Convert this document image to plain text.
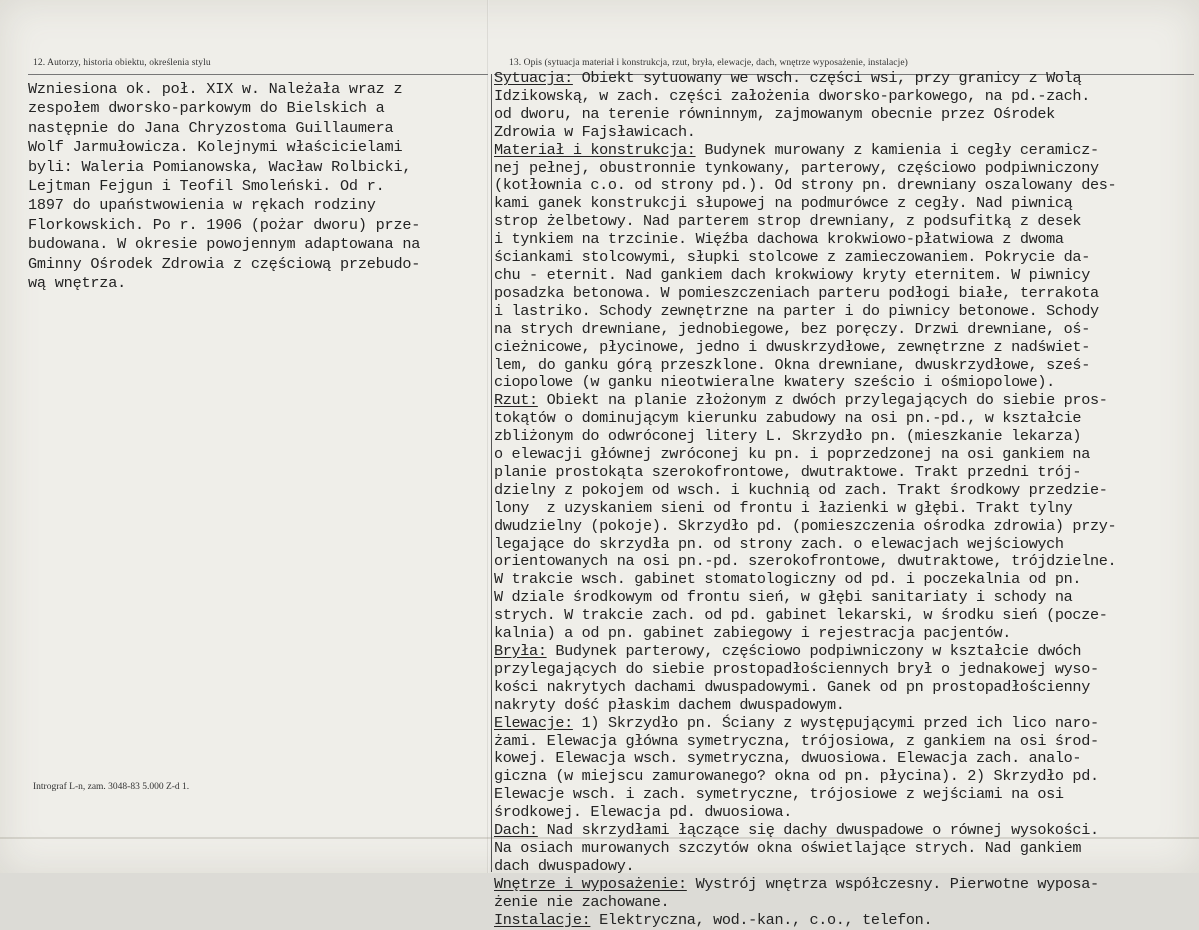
12. Autorzy, historia obiektu, określenia stylu	13. Opis (sytuacja materiał i konstrukcja, rzut, bryła, elewacje, dach, wnętrze wyposażenie, instalacje)
Wzniesiona ok. poł. XIX w. Należała wraz z
zespołem dworsko-parkowym do Bielskich a
następnie do Jana Chryzostoma Guillaumera
Wolf Jarmułowicza. Kolejnymi właścicielami
byli: Waleria Pomianowska, Wacław Rolbicki,
Lejtman Fejgun i Teofil Smoleński. Od r.
1897 do upaństwowienia w rękach rodziny
Florkowskich. Po r. 1906 (pożar dworu) prze-
budowana. W okresie powojennym adaptowana na
Gminny Ośrodek Zdrowia z częściową przebudo-
wą wnętrza.
Sytuacja: Obiekt sytuowany we wsch. części wsi, przy granicy z Wolą
Idzikowską, w zach. części założenia dworsko-parkowego, na pd.-zach.
od dworu, na terenie równinnym, zajmowanym obecnie przez Ośrodek
Zdrowia w Fajsławicach.
Materiał i konstrukcja: Budynek murowany z kamienia i cegły ceramicz-
nej pełnej, obustronnie tynkowany, parterowy, częściowo podpiwniczony
(kotłownia c.o. od strony pd.). Od strony pn. drewniany oszalowany des-
kami ganek konstrukcji słupowej na podmurówce z cegły. Nad piwnicą
strop żelbetowy. Nad parterem strop drewniany, z podsufitką z desek
i tynkiem na trzcinie. Więźba dachowa krokwiowo-płatwiowa z dwoma
ściankami stolcowymi, słupki stolcowe z zamieczowaniem. Pokrycie da-
chu - eternit. Nad gankiem dach krokwiowy kryty eternitem. W piwnicy
posadzka betonowa. W pomieszczeniach parteru podłogi białe, terrakota
i lastriko. Schody zewnętrzne na parter i do piwnicy betonowe. Schody
na strych drewniane, jednobiegowe, bez poręczy. Drzwi drewniane, oś-
cieżnicowe, płycinowe, jedno i dwuskrzydłowe, zewnętrzne z nadświet-
lem, do ganku górą przeszklone. Okna drewniane, dwuskrzydłowe, sześ-
ciopolowe (w ganku nieotwieralne kwatery sześcio i ośmiopolowe).
Rzut: Obiekt na planie złożonym z dwóch przylegających do siebie pros-
tokątów o dominującym kierunku zabudowy na osi pn.-pd., w kształcie
zbliżonym do odwróconej litery L. Skrzydło pn. (mieszkanie lekarza)
o elewacji głównej zwróconej ku pn. i poprzedzonej na osi gankiem na
planie prostokąta szerokofrontowe, dwutraktowe. Trakt przedni trój-
dzielny z pokojem od wsch. i kuchnią od zach. Trakt środkowy przedzie-
lony  z uzyskaniem sieni od frontu i łazienki w głębi. Trakt tylny
dwudzielny (pokoje). Skrzydło pd. (pomieszczenia ośrodka zdrowia) przy-
legające do skrzydła pn. od strony zach. o elewacjach wejściowych
orientowanych na osi pn.-pd. szerokofrontowe, dwutraktowe, trójdzielne.
W trakcie wsch. gabinet stomatologiczny od pd. i poczekalnia od pn.
W dziale środkowym od frontu sień, w głębi sanitariaty i schody na
strych. W trakcie zach. od pd. gabinet lekarski, w środku sień (pocze-
kalnia) a od pn. gabinet zabiegowy i rejestracja pacjentów.
Bryła: Budynek parterowy, częściowo podpiwniczony w kształcie dwóch
przylegających do siebie prostopadłościennych brył o jednakowej wyso-
kości nakrytych dachami dwuspadowymi. Ganek od pn prostopadłościenny
nakryty dość płaskim dachem dwuspadowym.
Elewacje: 1) Skrzydło pn. Ściany z występującymi przed ich lico naro-
żami. Elewacja główna symetryczna, trójosiowa, z gankiem na osi środ-
kowej. Elewacja wsch. symetryczna, dwuosiowa. Elewacja zach. analo-
giczna (w miejscu zamurowanego? okna od pn. płycina). 2) Skrzydło pd.
Elewacje wsch. i zach. symetryczne, trójosiowe z wejściami na osi
środkowej. Elewacja pd. dwuosiowa.
Dach: Nad skrzydłami łączące się dachy dwuspadowe o równej wysokości.
Na osiach murowanych szczytów okna oświetlające strych. Nad gankiem
dach dwuspadowy.
Wnętrze i wyposażenie: Wystrój wnętrza współczesny. Pierwotne wyposa-
żenie nie zachowane.
Instalacje: Elektryczna, wod.-kan., c.o., telefon.
Intrograf L-n, zam. 3048-83 5.000 Z-d 1.
